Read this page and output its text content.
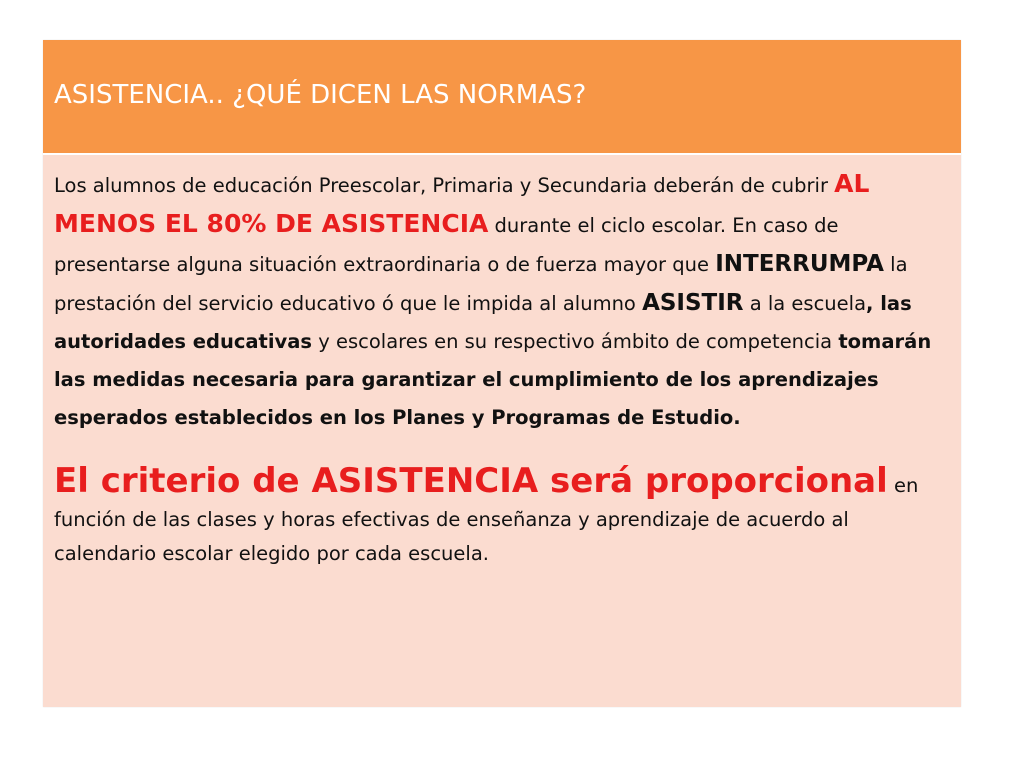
ASISTENCIA.. ¿QUÉ DICEN LAS NORMAS?

Los alumnos de educación Preescolar, Primaria y Secundaria deberán de cubrir AL MENOS EL 80% DE ASISTENCIA durante el ciclo escolar. En caso de presentarse alguna situación extraordinaria o de fuerza mayor que INTERRUMPA la prestación del servicio educativo ó que le impida al alumno ASISTIR a la escuela, las autoridades educativas y escolares en su respectivo ámbito de competencia tomarán las medidas necesaria para garantizar el cumplimiento de los aprendizajes esperados establecidos en los Planes y Programas de Estudio.

El criterio de ASISTENCIA será proporcional en función de las clases y horas efectivas de enseñanza y aprendizaje de acuerdo al calendario escolar elegido por cada escuela.
